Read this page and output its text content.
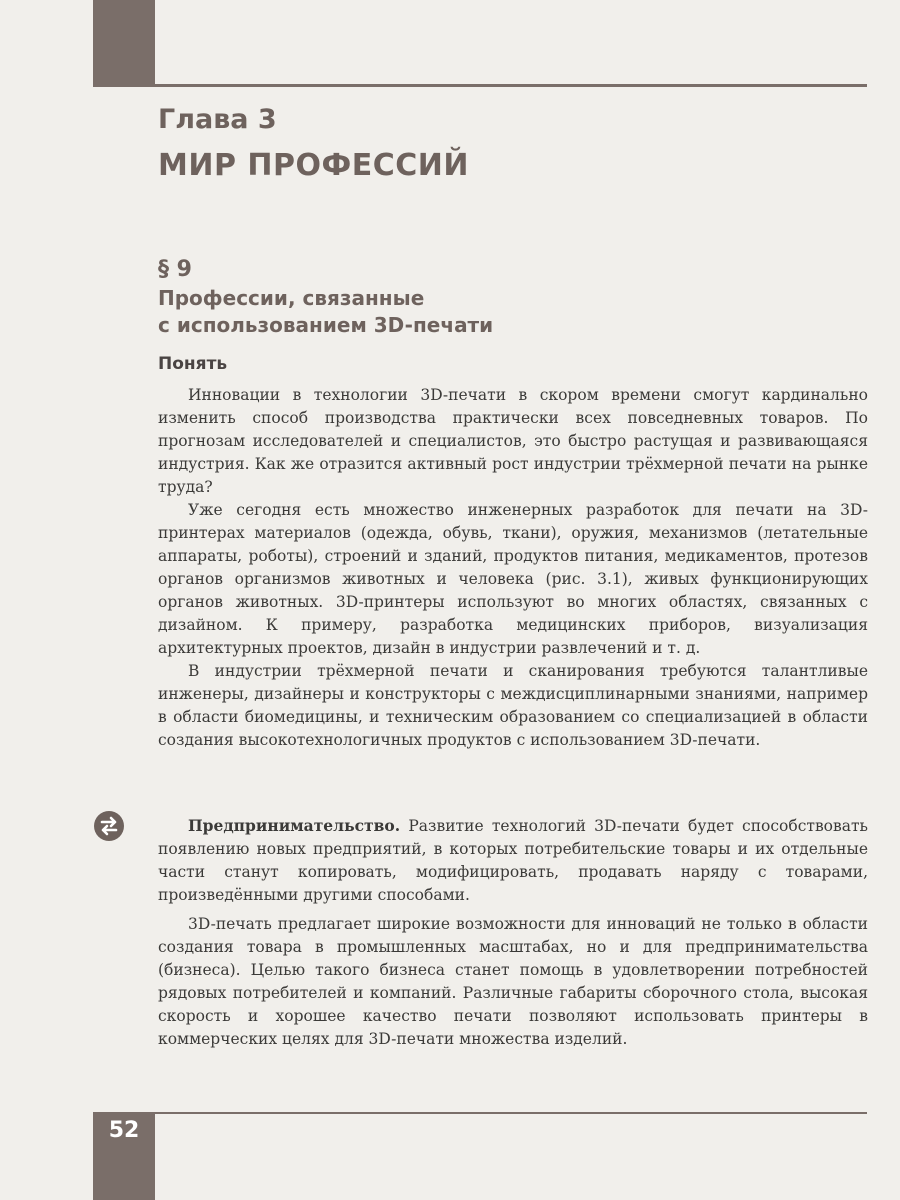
Глава 3
МИР ПРОФЕССИЙ
§ 9
Профессии, связанные
с использованием 3D-печати
Понять

Инновации в технологии 3D-печати в скором времени смогут кардинально изменить способ производства практически всех повседневных товаров. По прогнозам исследователей и специалистов, это быстро растущая и развивающаяся индустрия. Как же отразится активный рост индустрии трёхмерной печати на рынке труда?

Уже сегодня есть множество инженерных разработок для печати на 3D-принтерах материалов (одежда, обувь, ткани), оружия, механизмов (летательные аппараты, роботы), строений и зданий, продуктов питания, медикаментов, протезов органов организмов животных и человека (рис. 3.1), живых функционирующих органов животных. 3D-принтеры используют во многих областях, связанных с дизайном. К примеру, разработка медицинских приборов, визуализация архитектурных проектов, дизайн в индустрии развлечений и т. д.

В индустрии трёхмерной печати и сканирования требуются талантливые инженеры, дизайнеры и конструкторы с междисциплинарными знаниями, например в области биомедицины, и техническим образованием со специализацией в области создания высокотехнологичных продуктов с использованием 3D-печати.

Предпринимательство. Развитие технологий 3D-печати будет способствовать появлению новых предприятий, в которых потребительские товары и их отдельные части станут копировать, модифицировать, продавать наряду с товарами, произведёнными другими способами.

3D-печать предлагает широкие возможности для инноваций не только в области создания товара в промышленных масштабах, но и для предпринимательства (бизнеса). Целью такого бизнеса станет помощь в удовлетворении потребностей рядовых потребителей и компаний. Различные габариты сборочного стола, высокая скорость и хорошее качество печати позволяют использовать принтеры в коммерческих целях для 3D-печати множества изделий.

52
